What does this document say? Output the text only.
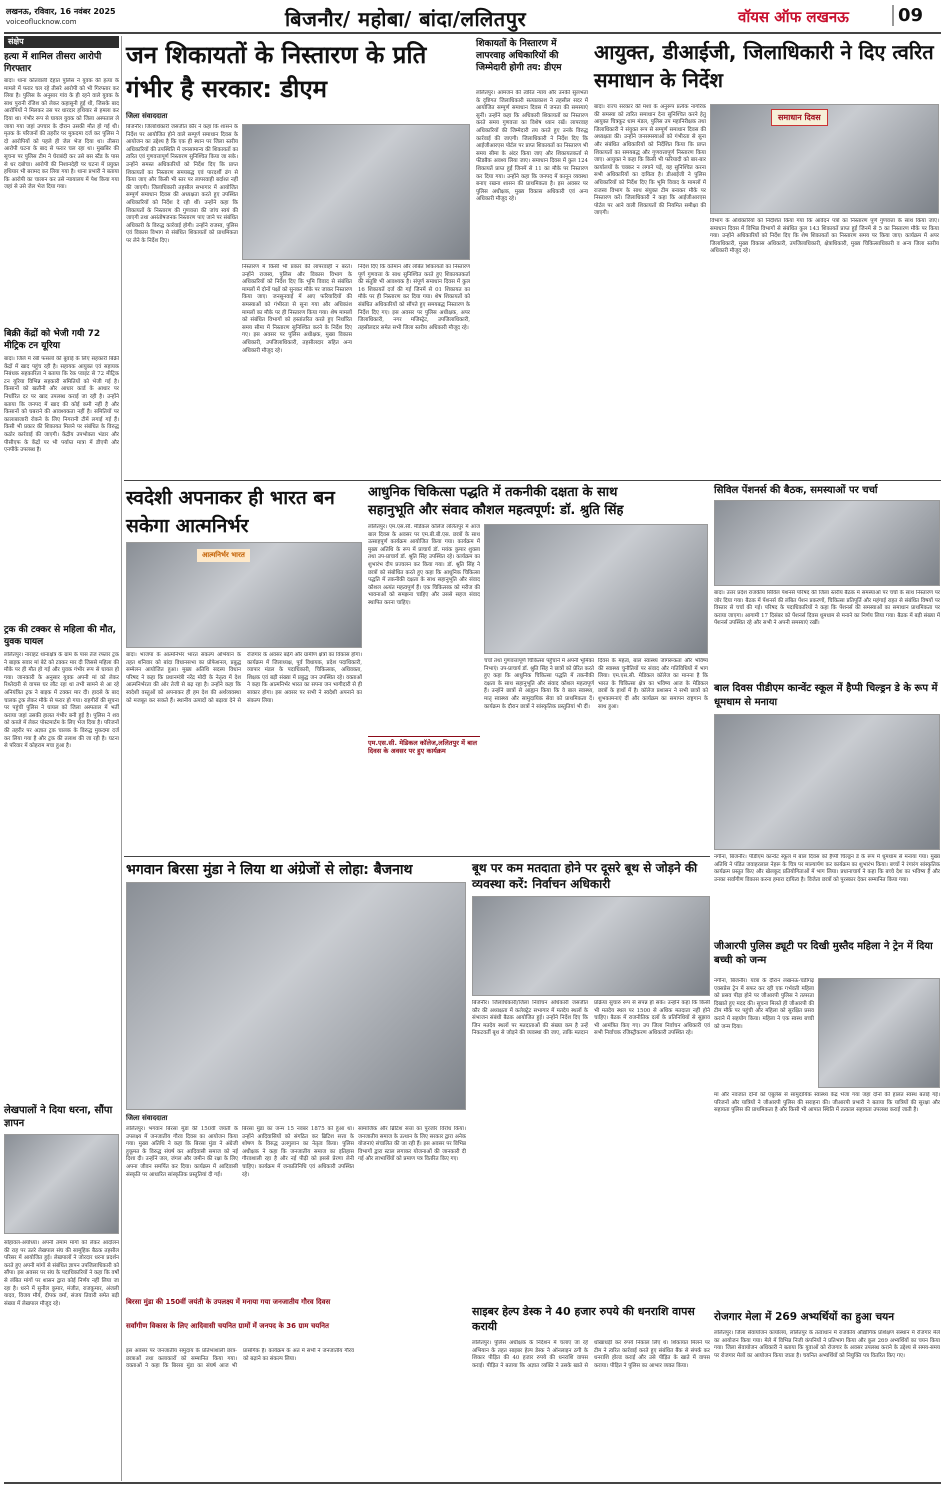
लखनऊ, रविवार, 16 नवंबर 2025
voiceoflucknow.com	बिजनौर/ महोबा/ बांदा/ललितपुर	वॉयस ऑफ लखनऊ	09
संक्षेप
हत्या में शामिल तीसरा आरोपी गिरफ्तार
बांदा। थाना कोतवाली देहात पुलिस ने युवक की हत्या के मामले में फरार चल रहे तीसरे आरोपी को भी गिरफ्तार कर लिया है। पुलिस के अनुसार गांव के ही रहने वाले युवक के साथ पुरानी रंजिश को लेकर कहासुनी हुई थी, जिसके बाद आरोपियों ने मिलकर उस पर धारदार हथियार से हमला कर दिया था। गंभीर रूप से घायल युवक को जिला अस्पताल ले जाया गया जहां उपचार के दौरान उसकी मौत हो गई थी। मृतक के परिजनों की तहरीर पर मुकदमा दर्ज कर पुलिस ने दो आरोपियों को पहले ही जेल भेज दिया था। तीसरा आरोपी घटना के बाद से फरार चल रहा था। मुखबिर की सूचना पर पुलिस टीम ने घेराबंदी कर उसे बस स्टैंड के पास से धर दबोचा। आरोपी की निशानदेही पर घटना में प्रयुक्त हथियार भी बरामद कर लिया गया है। थाना प्रभारी ने बताया कि आरोपी का चालान कर उसे न्यायालय में पेश किया गया जहां से उसे जेल भेज दिया गया।
बिक्री केंद्रों को भेजी गयी 72 मीट्रिक टन यूरिया
बांदा। जिले में रबी फसलों की बुवाई के लिए सहकारी बिक्री केंद्रों में खाद पहुंच रही है। सहायक आयुक्त एवं सहायक निबंधक सहकारिता ने बताया कि रेक प्वाइंट से 72 मीट्रिक टन यूरिया विभिन्न सहकारी समितियों को भेजी गई है। किसानों को खतौनी और आधार कार्ड के आधार पर निर्धारित दर पर खाद उपलब्ध कराई जा रही है। उन्होंने बताया कि जनपद में खाद की कोई कमी नहीं है और किसानों को घबराने की आवश्यकता नहीं है। समितियों पर कालाबाजारी रोकने के लिए निगरानी टीमें लगाई गई हैं। किसी भी प्रकार की शिकायत मिलने पर संबंधित के विरुद्ध कठोर कार्रवाई की जाएगी। केंद्रीय उपभोक्ता भंडार और पीसीएफ के केंद्रों पर भी पर्याप्त मात्रा में डीएपी और एनपीके उपलब्ध है।
ट्रक की टक्कर से महिला की मौत, युवक घायल
ललितपुर। नाराहट थानाक्षेत्र के ग्राम के पास तेज रफ्तार ट्रक ने बाइक सवार मां बेटे को टक्कर मार दी जिससे महिला की मौके पर ही मौत हो गई और युवक गंभीर रूप से घायल हो गया। जानकारी के अनुसार युवक अपनी मां को लेकर रिश्तेदारी से वापस घर लौट रहा था तभी सामने से आ रहे अनियंत्रित ट्रक ने बाइक में टक्कर मार दी। हादसे के बाद चालक ट्रक लेकर मौके से फरार हो गया। राहगीरों की सूचना पर पहुंची पुलिस ने घायल को जिला अस्पताल में भर्ती कराया जहां उसकी हालत गंभीर बनी हुई है। पुलिस ने शव को कब्जे में लेकर पोस्टमार्टम के लिए भेज दिया है। परिजनों की तहरीर पर अज्ञात ट्रक चालक के विरुद्ध मुकदमा दर्ज कर लिया गया है और ट्रक की तलाश की जा रही है। घटना से परिवार में कोहराम मचा हुआ है।
लेखपालों ने दिया धरना, सौंपा ज्ञापन
सोहावल-अयोध्या। अपनी तमाम मांगों को लेकर आंदोलन की राह पर उतरे लेखपाल संघ की सामूहिक बैठक तहसील परिसर में आयोजित हुई। लेखपालों ने जोरदार धरना प्रदर्शन करते हुए अपनी मांगों से संबंधित ज्ञापन उपजिलाधिकारी को सौंपा। इस अवसर पर संघ के पदाधिकारियों ने कहा कि वर्षों से लंबित मांगों पर शासन द्वारा कोई निर्णय नहीं लिया जा रहा है। धरने में सुनील कुमार, मंजीत, राजकुमार, अंजली यादव, विजय मौर्य, दीपक वर्मा, संजय तिवारी समेत बड़ी संख्या में लेखपाल मौजूद रहे।
जन शिकायतों के निस्तारण के प्रति गंभीर है सरकार: डीएम
जिला संवाददाता
बिजनौर। जिलाधिकारी जसजीत कौर ने कहा कि शासन के निर्देश पर आयोजित होने वाले सम्पूर्ण समाधान दिवस के आयोजन का उद्देश्य है कि एक ही स्थान पर जिला स्तरीय अधिकारियों की उपस्थिति में जनसामान्य की शिकायतों का त्वरित एवं गुणवत्तापूर्ण निस्तारण सुनिश्चित किया जा सके। उन्होंने समस्त अधिकारियों को निर्देश दिए कि प्राप्त शिकायतों का निस्तारण समयबद्ध एवं पारदर्शी ढंग से किया जाए और किसी भी स्तर पर लापरवाही बर्दाश्त नहीं की जाएगी। जिलाधिकारी तहसील सभागार में आयोजित सम्पूर्ण समाधान दिवस की अध्यक्षता करते हुए उपस्थित अधिकारियों को निर्देश दे रही थीं। उन्होंने कहा कि शिकायतों के निस्तारण की गुणवत्ता की जांच स्वयं की जाएगी तथा असंतोषजनक निस्तारण पाए जाने पर संबंधित अधिकारी के विरुद्ध कार्रवाई होगी। उन्होंने राजस्व, पुलिस एवं विकास विभाग से संबंधित शिकायतों को प्राथमिकता पर लेने के निर्देश दिए।
निस्तारण में किसी भी प्रकार की लापरवाही न बरतें। उन्होंने राजस्व, पुलिस और विकास विभाग के अधिकारियों को निर्देश दिए कि भूमि विवाद से संबंधित मामलों में दोनों पक्षों को सुनकर मौके पर जाकर निस्तारण किया जाए। जनसुनवाई में आए फरियादियों की समस्याओं को गंभीरता से सुना गया और अधिकांश मामलों का मौके पर ही निस्तारण किया गया। शेष मामलों को संबंधित विभागों को हस्तांतरित करते हुए निर्धारित समय सीमा में निस्तारण सुनिश्चित करने के निर्देश दिए गए। इस अवसर पर पुलिस अधीक्षक, मुख्य विकास अधिकारी, उपजिलाधिकारी, तहसीलदार सहित अन्य अधिकारी मौजूद रहे।
निर्देश दिए कि वर्तमान और लंबित शिकायतों का निस्तारण पूर्ण गुणवत्ता के साथ सुनिश्चित करते हुए शिकायतकर्ता की संतुष्टि भी आवश्यक है। संपूर्ण समाधान दिवस में कुल 16 शिकायतें दर्ज की गई जिनमें से 01 शिकायत का मौके पर ही निस्तारण कर दिया गया। शेष शिकायतों को संबंधित अधिकारियों को सौंपते हुए समयबद्ध निस्तारण के निर्देश दिए गए। इस अवसर पर पुलिस अधीक्षक, अपर जिलाधिकारी, नगर मजिस्ट्रेट, उपजिलाधिकारी, तहसीलदार समेत सभी जिला स्तरीय अधिकारी मौजूद रहे।
शिकायतों के निस्तारण में लापरवाह अधिकारियों की जिम्मेदारी होगी तय: डीएम
ललितपुर। आमजन की त्वरित न्याय और उनकी सुलभता के दृष्टिगत जिलाधिकारी सत्यप्रकाश ने तहसील सदर में आयोजित सम्पूर्ण समाधान दिवस में जनता की समस्याएं सुनीं। उन्होंने कहा कि अधिकारी शिकायतों का निस्तारण करते समय गुणवत्ता का विशेष ध्यान रखें। लापरवाह अधिकारियों की जिम्मेदारी तय करते हुए उनके विरुद्ध कार्रवाई की जाएगी। जिलाधिकारी ने निर्देश दिए कि आईजीआरएस पोर्टल पर प्राप्त शिकायतों का निस्तारण भी समय सीमा के अंदर किया जाए और शिकायतकर्ता से फीडबैक अवश्य लिया जाए। समाधान दिवस में कुल 124 शिकायतें प्राप्त हुईं जिनमें से 11 का मौके पर निस्तारण कर दिया गया। उन्होंने कहा कि जनपद में कानून व्यवस्था बनाए रखना शासन की प्राथमिकता है। इस अवसर पर पुलिस अधीक्षक, मुख्य विकास अधिकारी एवं अन्य अधिकारी मौजूद रहे।
आयुक्त, डीआईजी, जिलाधिकारी ने दिए त्वरित समाधान के निर्देश
बांदा। राज्य सरकार की मंशा के अनुरूप प्रत्येक नागरिक की समस्या को त्वरित समाधान देना सुनिश्चित करने हेतु आयुक्त चित्रकूट धाम मंडल, पुलिस उप महानिरीक्षक तथा जिलाधिकारी ने संयुक्त रूप से सम्पूर्ण समाधान दिवस की अध्यक्षता की। उन्होंने जनसमस्याओं को गंभीरता से सुना और संबंधित अधिकारियों को निर्देशित किया कि प्राप्त शिकायतों का समयबद्ध और गुणवत्तापूर्ण निस्तारण किया जाए। आयुक्त ने कहा कि किसी भी फरियादी को बार-बार कार्यालयों के चक्कर न लगाने पड़ें, यह सुनिश्चित करना सभी अधिकारियों का दायित्व है। डीआईजी ने पुलिस अधिकारियों को निर्देश दिए कि भूमि विवाद के मामलों में राजस्व विभाग के साथ संयुक्त टीम बनाकर मौके पर निस्तारण करें। जिलाधिकारी ने कहा कि आईजीआरएस पोर्टल पर आने वाली शिकायतों की नियमित समीक्षा की जाएगी।
समाधान दिवस
विभाग के अधिकारियों को निर्देशित किया गया कि आवेदन पत्रों का निस्तारण पूर्ण गुणवत्ता के साथ किया जाए। समाधान दिवस में विभिन्न विभागों से संबंधित कुल 143 शिकायतें प्राप्त हुईं जिनमें से 5 का निस्तारण मौके पर किया गया। उन्होंने अधिकारियों को निर्देश दिए कि शेष शिकायतों का निस्तारण समय पर किया जाए। कार्यक्रम में अपर जिलाधिकारी, मुख्य विकास अधिकारी, उपजिलाधिकारी, क्षेत्राधिकारी, मुख्य चिकित्साधिकारी व अन्य जिला स्तरीय अधिकारी मौजूद रहे।
स्वदेशी अपनाकर ही भारत बन सकेगा आत्मनिर्भर
आत्मनिर्भर भारत
बांदा। भाजपा के आत्मनिर्भर भारत संकल्प अभियान के तहत शनिवार को बांदा विधानसभा का प्रोफेशनल, प्रबुद्ध सम्मेलन आयोजित हुआ। मुख्य अतिथि सदस्य विधान परिषद ने कहा कि प्रधानमंत्री नरेंद्र मोदी के नेतृत्व में देश आत्मनिर्भरता की ओर तेजी से बढ़ रहा है। उन्होंने कहा कि स्वदेशी वस्तुओं को अपनाकर ही हम देश की अर्थव्यवस्था को मजबूत कर सकते हैं। स्थानीय उत्पादों को बढ़ावा देने से रोजगार के अवसर बढ़ेंगे और ग्रामीण क्षेत्रों का विकास होगा। कार्यक्रम में जिलाध्यक्ष, पूर्व विधायक, प्रदेश पदाधिकारी, व्यापार मंडल के पदाधिकारी, चिकित्सक, अधिवक्ता, शिक्षक एवं बड़ी संख्या में प्रबुद्ध जन उपस्थित रहे। वक्ताओं ने कहा कि आत्मनिर्भर भारत का सपना जन भागीदारी से ही साकार होगा। इस अवसर पर सभी ने स्वदेशी अपनाने का संकल्प लिया।
आधुनिक चिकित्सा पद्धति में तकनीकी दक्षता के साथ
सहानुभूति और संवाद कौशल महत्वपूर्ण: डॉ. श्रुति सिंह
ललितपुर। एम.एस.सी. मेडिकल कॉलेज ललितपुर में आज बाल दिवस के अवसर पर एम.बी.बी.एस. छात्रों के साथ उत्साहपूर्ण कार्यक्रम आयोजित किया गया। कार्यक्रम में मुख्य अतिथि के रूप में प्राचार्य डॉ. मयंक कुमार शुक्ला तथा उप-प्राचार्य डॉ. श्रुति सिंह उपस्थित रहे। कार्यक्रम का शुभारंभ दीप प्रज्वलन कर किया गया। डॉ. श्रुति सिंह ने छात्रों को संबोधित करते हुए कहा कि आधुनिक चिकित्सा पद्धति में तकनीकी दक्षता के साथ सहानुभूति और संवाद कौशल अत्यंत महत्वपूर्ण हैं। एक चिकित्सक को मरीज की भावनाओं को समझना चाहिए और उससे सहज संवाद स्थापित करना चाहिए।
एम.एस.सी. मेडिकल कॉलेज,ललितपुर में बाल दिवस के अवसर पर हुए कार्यक्रम
चर्चा तथा गुणवत्तापूर्ण चिकित्सा पहुँचाने में अपनी भूमिका निभाएं। उप-प्राचार्य डॉ. श्रुति सिंह ने छात्रों को प्रेरित करते हुए कहा कि आधुनिक चिकित्सा पद्धति में तकनीकी दक्षता के साथ सहानुभूति और संवाद कौशल महत्वपूर्ण हैं। उन्होंने छात्रों से आह्वान किया कि वे बाल स्वास्थ्य, मातृ स्वास्थ्य और सामुदायिक सेवा को प्राथमिकता दें। कार्यक्रम के दौरान छात्रों ने सांस्कृतिक प्रस्तुतियां भी दीं।
दिवस के महत्व, बाल स्वास्थ्य जागरूकता और भविष्य की स्वास्थ्य चुनौतियों पर संवाद और गतिविधियों में भाग लिया। एम.एस.सी. मेडिकल कॉलेज का मानना है कि भारत के चिकित्सा क्षेत्र का भविष्य आज के मेडिकल छात्रों के हाथों में है। कॉलेज प्रशासन ने सभी छात्रों को शुभकामनाएं दीं और कार्यक्रम का समापन राष्ट्रगान के साथ हुआ।
सिविल पेंशनर्स की बैठक, समस्याओं पर चर्चा
बांदा। उत्तर प्रदेश राजकीय सिविल पेंशनर्स परिषद की जिला स्तरीय बैठक में समस्याओं पर चर्चा के साथ निस्तारण पर जोर दिया गया। बैठक में पेंशनर्स की लंबित पेंशन प्रकरणों, चिकित्सा प्रतिपूर्ति और महंगाई राहत से संबंधित विषयों पर विस्तार से चर्चा की गई। परिषद के पदाधिकारियों ने कहा कि पेंशनर्स की समस्याओं का समाधान प्राथमिकता पर कराया जाएगा। आगामी 17 दिसंबर को पेंशनर्स दिवस धूमधाम से मनाने का निर्णय लिया गया। बैठक में बड़ी संख्या में पेंशनर्स उपस्थित रहे और सभी ने अपनी समस्याएं रखीं।
बाल दिवस पीडीएम कान्वेंट स्कूल में हैप्पी चिल्ड्रन डे के रूप में धूमधाम से मनाया
नगीना, बिजनौर। पीडीएम कान्वेंट स्कूल में बाल दिवस को हैप्पी चिल्ड्रन डे के रूप में धूमधाम से मनाया गया। मुख्य अतिथि ने पंडित जवाहरलाल नेहरू के चित्र पर माल्यार्पण कर कार्यक्रम का शुभारंभ किया। बच्चों ने रंगारंग सांस्कृतिक कार्यक्रम प्रस्तुत किए और खेलकूद प्रतियोगिताओं में भाग लिया। प्रधानाचार्य ने कहा कि बच्चे देश का भविष्य हैं और उनका सर्वांगीण विकास करना हमारा दायित्व है। विजेता छात्रों को पुरस्कार देकर सम्मानित किया गया।
भगवान बिरसा मुंडा ने लिया था अंग्रेजों से लोहा: बैजनाथ
जिला संवाददाता
ललितपुर। भगवान बिरसा मुंडा की 150वीं जयंती के उपलक्ष्य में जनजातीय गौरव दिवस का आयोजन किया गया। मुख्य अतिथि ने कहा कि बिरसा मुंडा ने अंग्रेजी हुकूमत के विरुद्ध संघर्ष कर आदिवासी समाज को नई दिशा दी। उन्होंने जल, जंगल और जमीन की रक्षा के लिए अपना जीवन समर्पित कर दिया। कार्यक्रम में आदिवासी संस्कृति पर आधारित सांस्कृतिक प्रस्तुतियां दी गईं।
बिरसा मुंडा का जन्म 15 नवंबर 1875 को हुआ था। उन्होंने आदिवासियों को संगठित कर ब्रिटिश सत्ता के शोषण के विरुद्ध उलगुलान का नेतृत्व किया। पुलिस अधीक्षक ने कहा कि जनजातीय समाज का इतिहास गौरवशाली रहा है और नई पीढ़ी को इससे प्रेरणा लेनी चाहिए। कार्यक्रम में जनप्रतिनिधि एवं अधिकारी उपस्थित रहे।
सामाजिक और ब्रिटिश सत्ता का पुरजोर विरोध किया। जनजातीय समाज के उत्थान के लिए सरकार द्वारा अनेक योजनाएं संचालित की जा रही हैं। इस अवसर पर विभिन्न विभागों द्वारा स्टाल लगाकर योजनाओं की जानकारी दी गई और लाभार्थियों को प्रमाण पत्र वितरित किए गए।
बिरसा मुंडा की 150वीं जयंती के उपलक्ष्य में मनाया गया जनजातीय गौरव दिवस
सर्वांगीण विकास के लिए आदिवासी चयनित ग्रामों में जनपद के 36 ग्राम चयनित
इस अवसर पर जनजातीय समुदाय के प्रतिभाशाली छात्र-छात्राओं तथा कलाकारों को सम्मानित किया गया। वक्ताओं ने कहा कि बिरसा मुंडा का संघर्ष आज भी प्रासंगिक है। कार्यक्रम के अंत में सभी ने जनजातीय गौरव को बढ़ाने का संकल्प लिया।
बूथ पर कम मतदाता होने पर दूसरे बूथ से जोड़ने की व्यवस्था करें: निर्वाचन अधिकारी
बिजनौर। जिलाधिकारी/जिला निर्वाचन अधिकारी जसजीत कौर की अध्यक्षता में कलेक्ट्रेट सभागार में मतदेय स्थलों के संभाजन संबंधी बैठक आयोजित हुई। उन्होंने निर्देश दिए कि जिन मतदेय स्थलों पर मतदाताओं की संख्या कम है उन्हें निकटवर्ती बूथ से जोड़ने की व्यवस्था की जाए, ताकि मतदान प्रक्रिया सुचारु रूप से संपन्न हो सके। उन्होंने कहा कि किसी भी मतदेय स्थल पर 1500 से अधिक मतदाता नहीं होने चाहिए। बैठक में राजनीतिक दलों के प्रतिनिधियों से सुझाव भी आमंत्रित किए गए। उप जिला निर्वाचन अधिकारी एवं सभी निर्वाचक रजिस्ट्रीकरण अधिकारी उपस्थित रहे।
साइबर हेल्प डेस्क ने 40 हजार रुपये की धनराशि वापस करायी
ललितपुर। पुलिस अधीक्षक के निर्देशन में चलाए जा रहे अभियान के तहत साइबर हेल्प डेस्क ने ऑनलाइन ठगी के शिकार पीड़ित की 40 हजार रुपये की धनराशि वापस कराई। पीड़ित ने बताया कि अज्ञात व्यक्ति ने उसके खाते से धोखाधड़ी कर रुपये निकाल लिए थे। शिकायत मिलने पर टीम ने त्वरित कार्रवाई करते हुए संबंधित बैंक से संपर्क कर धनराशि होल्ड कराई और उसे पीड़ित के खाते में वापस कराया। पीड़ित ने पुलिस का आभार व्यक्त किया।
जीआरपी पुलिस ड्यूटी पर दिखी मुस्तैद महिला ने ट्रेन में दिया बच्ची को जन्म
नगीना, बिजनौर। यात्रा के दौरान लखनऊ-चंडीगढ़ एक्सप्रेस ट्रेन में सफर कर रही एक गर्भवती महिला को प्रसव पीड़ा होने पर जीआरपी पुलिस ने तत्परता दिखाते हुए मदद की। सूचना मिलते ही जीआरपी की टीम मौके पर पहुंची और महिला को सुरक्षित प्रसव कराने में सहयोग किया। महिला ने एक स्वस्थ बच्ची को जन्म दिया।
मां और नवजात दोनों को एंबुलेंस से सामुदायिक स्वास्थ्य केंद्र भेजा गया जहां दोनों की हालत स्वस्थ बताई गई। परिजनों और यात्रियों ने जीआरपी पुलिस की सराहना की। जीआरपी प्रभारी ने बताया कि यात्रियों की सुरक्षा और सहायता पुलिस की प्राथमिकता है और किसी भी आपात स्थिति में तत्काल सहायता उपलब्ध कराई जाती है।
रोजगार मेला में 269 अभ्यर्थियों का हुआ चयन
ललितपुर। जिला सेवायोजन कार्यालय, ललितपुर के तत्वाधान में राजकीय औद्योगिक प्रशिक्षण संस्थान में रोजगार मेले का आयोजन किया गया। मेले में विभिन्न निजी कंपनियों ने प्रतिभाग किया और कुल 269 अभ्यर्थियों का चयन किया गया। जिला सेवायोजन अधिकारी ने बताया कि युवाओं को रोजगार के अवसर उपलब्ध कराने के उद्देश्य से समय-समय पर रोजगार मेलों का आयोजन किया जाता है। चयनित अभ्यर्थियों को नियुक्ति पत्र वितरित किए गए।
